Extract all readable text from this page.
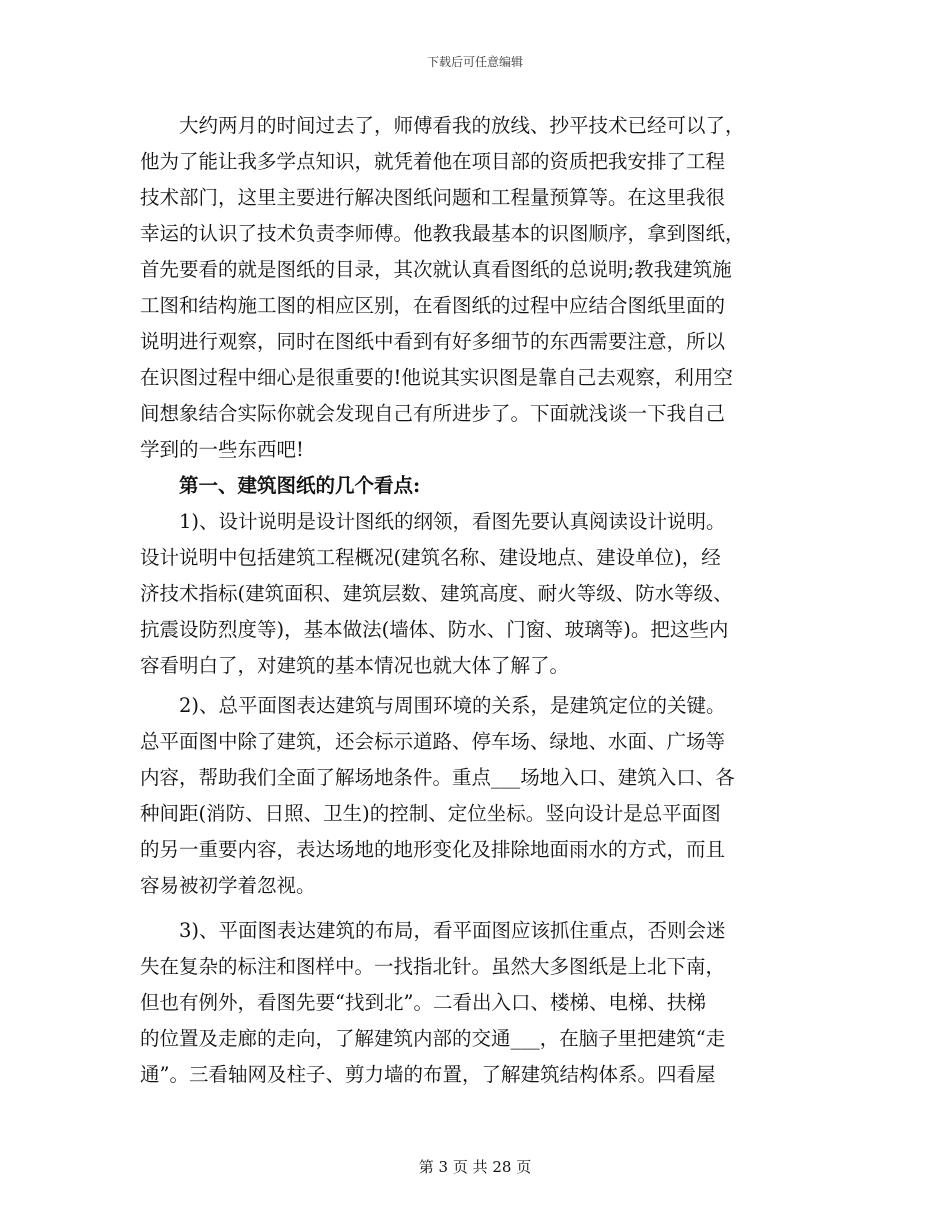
下载后可任意编辑
大约两月的时间过去了，师傅看我的放线、抄平技术已经可以了，
他为了能让我多学点知识，就凭着他在项目部的资质把我安排了工程
技术部门，这里主要进行解决图纸问题和工程量预算等。在这里我很
幸运的认识了技术负责李师傅。他教我最基本的识图顺序，拿到图纸，
首先要看的就是图纸的目录，其次就认真看图纸的总说明;教我建筑施
工图和结构施工图的相应区别，在看图纸的过程中应结合图纸里面的
说明进行观察，同时在图纸中看到有好多细节的东西需要注意，所以
在识图过程中细心是很重要的!他说其实识图是靠自己去观察，利用空
间想象结合实际你就会发现自己有所进步了。下面就浅谈一下我自己
学到的一些东西吧!
第一、建筑图纸的几个看点:
1)、设计说明是设计图纸的纲领，看图先要认真阅读设计说明。
设计说明中包括建筑工程概况(建筑名称、建设地点、建设单位)，经
济技术指标(建筑面积、建筑层数、建筑高度、耐火等级、防水等级、
抗震设防烈度等)，基本做法(墙体、防水、门窗、玻璃等)。把这些内
容看明白了，对建筑的基本情况也就大体了解了。
2)、总平面图表达建筑与周围环境的关系，是建筑定位的关键。
总平面图中除了建筑，还会标示道路、停车场、绿地、水面、广场等
内容，帮助我们全面了解场地条件。重点___场地入口、建筑入口、各
种间距(消防、日照、卫生)的控制、定位坐标。竖向设计是总平面图
的另一重要内容，表达场地的地形变化及排除地面雨水的方式，而且
容易被初学着忽视。
3)、平面图表达建筑的布局，看平面图应该抓住重点，否则会迷
失在复杂的标注和图样中。一找指北针。虽然大多图纸是上北下南，
但也有例外，看图先要“找到北”。二看出入口、楼梯、电梯、扶梯
的位置及走廊的走向，了解建筑内部的交通___，在脑子里把建筑“走
通”。三看轴网及柱子、剪力墙的布置，了解建筑结构体系。四看屋
第 3 页 共 28 页
